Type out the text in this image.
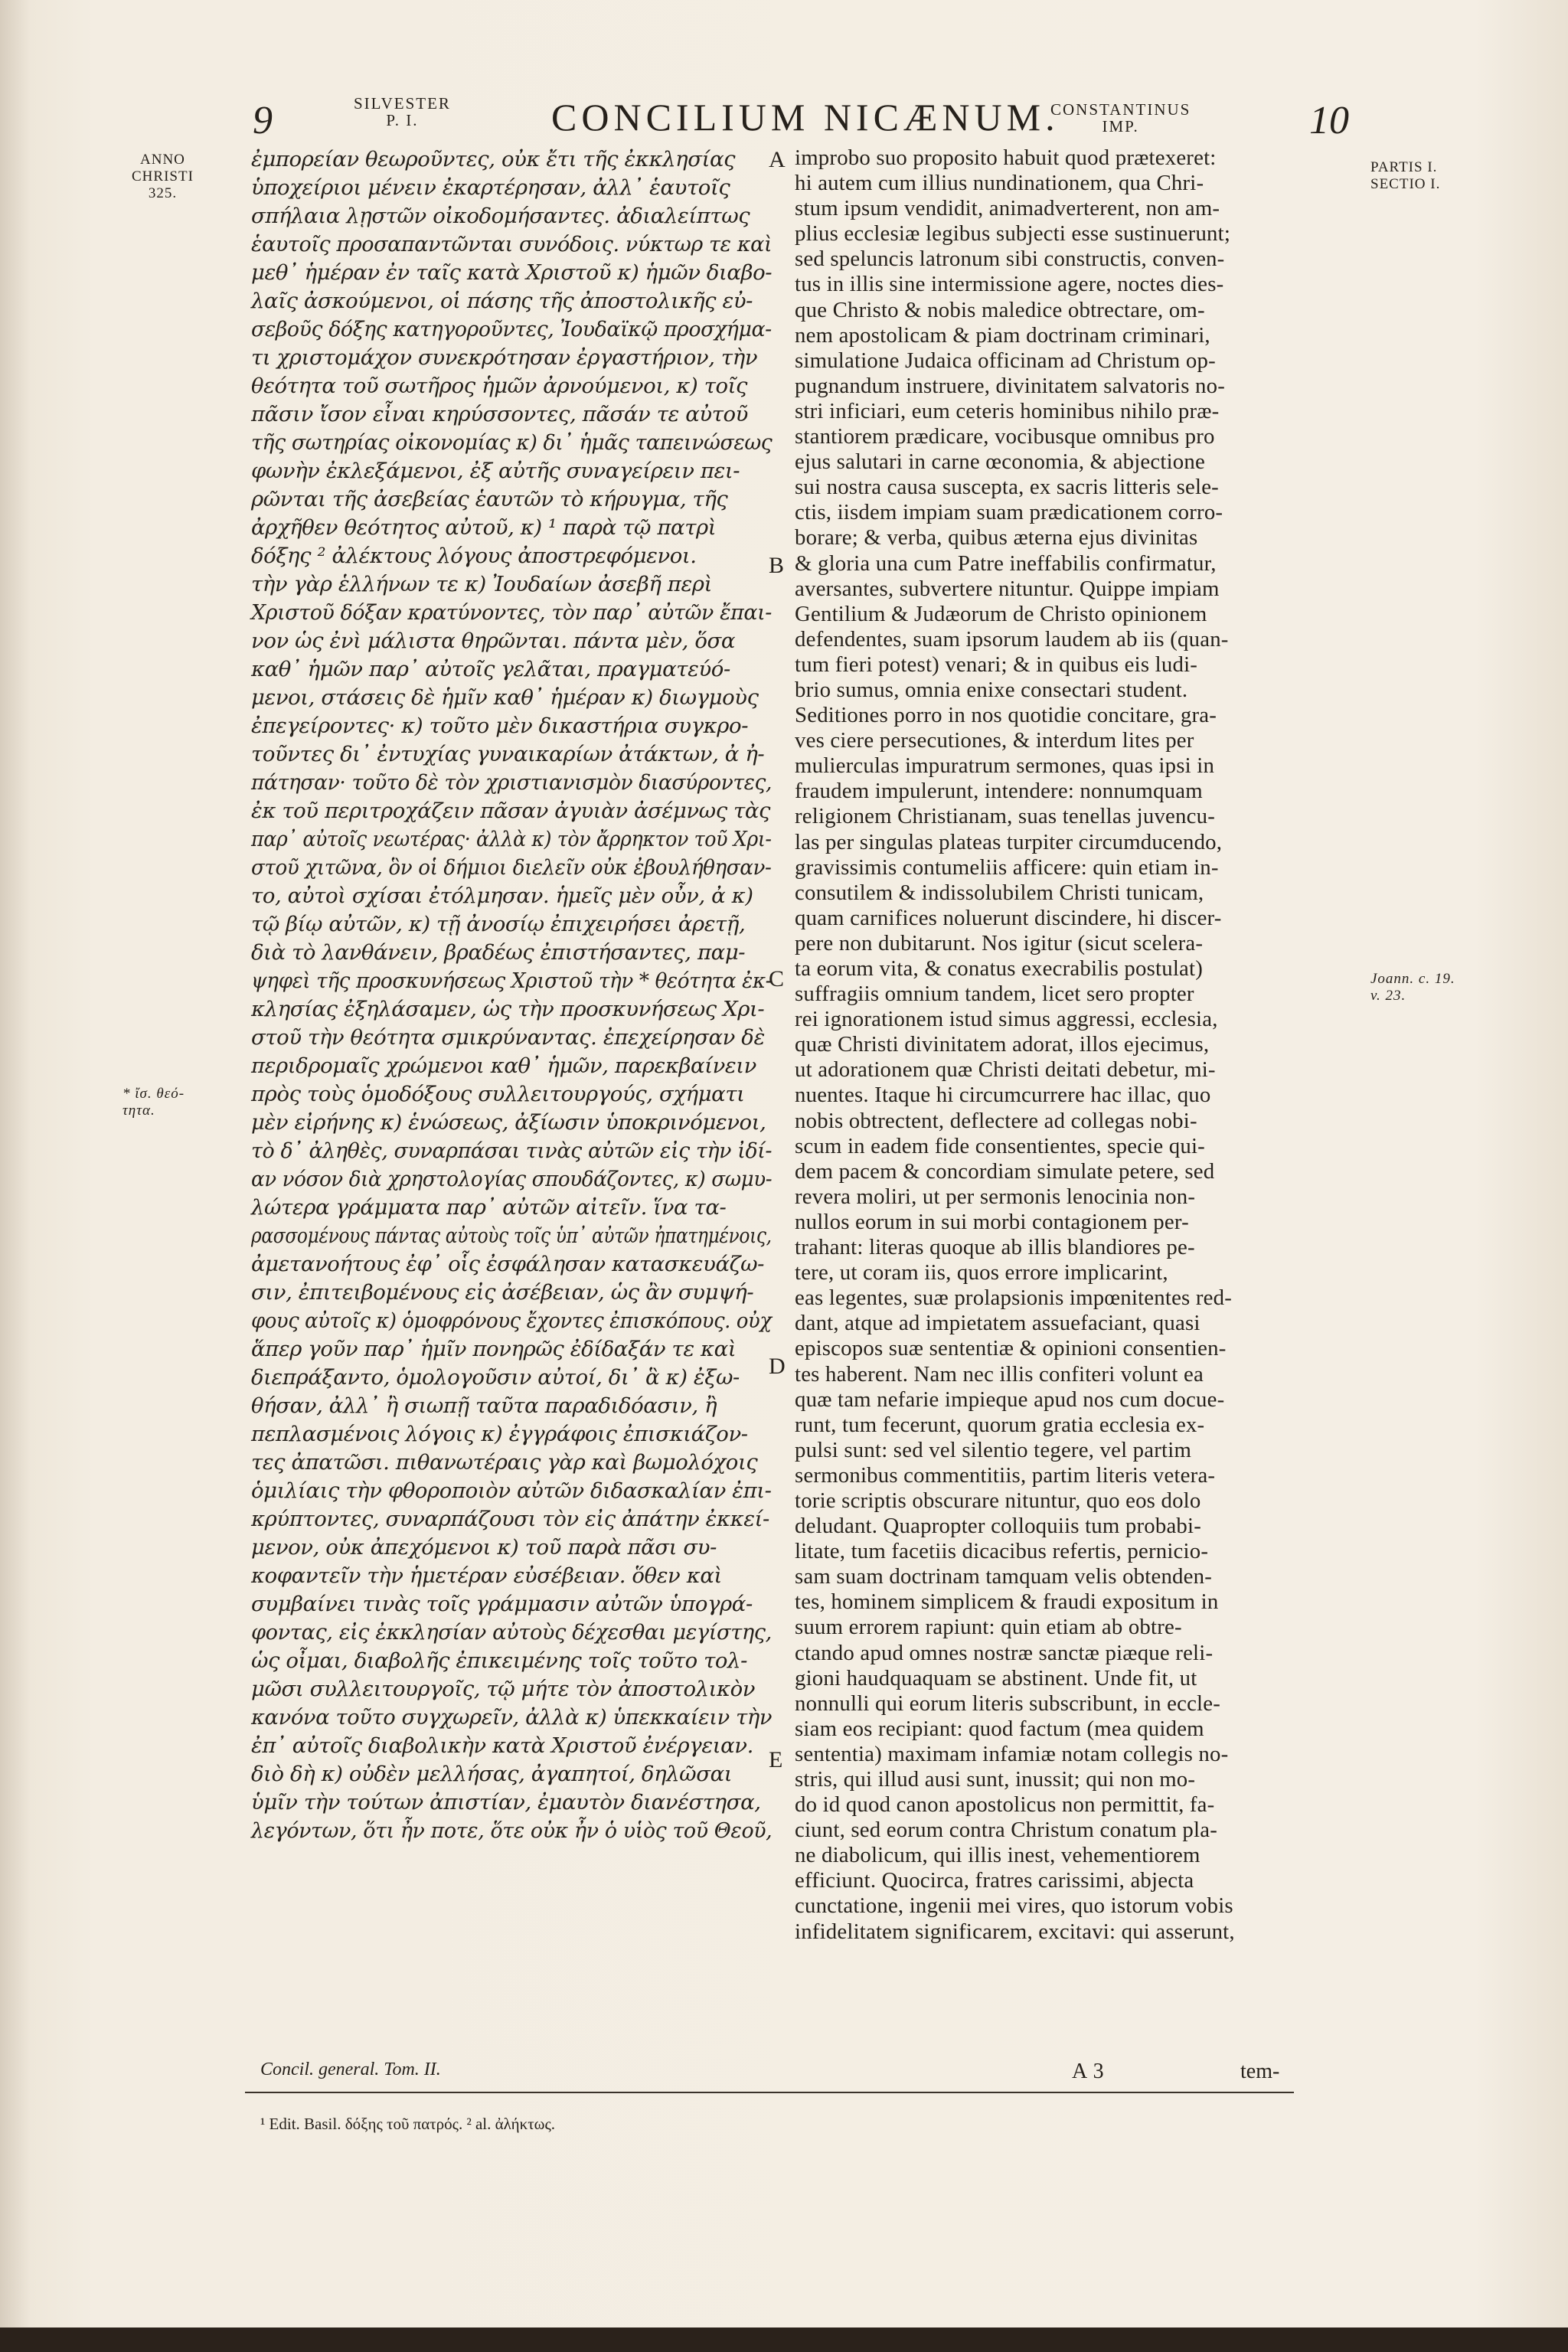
9	SILVESTER
P. I.	CONCILIUM NICÆNUM.
CONSTANTINUS
IMP.	10
ANNO
CHRISTI
325.
PARTIS I.
SECTIO I.
* ἴσ. θεό-
τητα.
Joann. c. 19.
v. 23.
A
B
C
D
E
ἐμπορείαν θεωροῦντες, οὐκ ἔτι τῆς ἐκκλησίας
ὑποχείριοι μένειν ἐκαρτέρησαν, ἀλλ᾽ ἑαυτοῖς
σπήλαια λῃστῶν οἰκοδομήσαντες. ἀδιαλείπτως
ἑαυτοῖς προσαπαντῶνται συνόδοις. νύκτωρ τε καὶ
μεθ᾽ ἡμέραν ἐν ταῖς κατὰ Χριστοῦ κ) ἡμῶν διαβο-
λαῖς ἀσκούμενοι, οἱ πάσης τῆς ἀποστολικῆς εὐ-
σεβοῦς δόξης κατηγοροῦντες, Ἰουδαϊκῷ προσχήμα-
τι χριστομάχον συνεκρότησαν ἐργαστήριον, τὴν
θεότητα τοῦ σωτῆρος ἡμῶν ἀρνούμενοι, κ) τοῖς
πᾶσιν ἴσον εἶναι κηρύσσοντες, πᾶσάν τε αὐτοῦ
τῆς σωτηρίας οἰκονομίας κ) δι᾽ ἡμᾶς ταπεινώσεως
φωνὴν ἐκλεξάμενοι, ἐξ αὐτῆς συναγείρειν πει-
ρῶνται τῆς ἀσεβείας ἑαυτῶν τὸ κήρυγμα, τῆς
ἀρχῆθεν θεότητος αὐτοῦ, κ) ¹ παρὰ τῷ πατρὶ
δόξης ² ἀλέκτους λόγους ἀποστρεφόμενοι.
τὴν γὰρ ἑλλήνων τε κ) Ἰουδαίων ἀσεβῆ περὶ
Χριστοῦ δόξαν κρατύνοντες, τὸν παρ᾽ αὐτῶν ἔπαι-
νον ὡς ἐνὶ μάλιστα θηρῶνται. πάντα μὲν, ὅσα
καθ᾽ ἡμῶν παρ᾽ αὐτοῖς γελᾶται, πραγματεύό-
μενοι, στάσεις δὲ ἡμῖν καθ᾽ ἡμέραν κ) διωγμοὺς
ἐπεγείροντες· κ) τοῦτο μὲν δικαστήρια συγκρο-
τοῦντες δι᾽ ἐντυχίας γυναικαρίων ἀτάκτων, ἀ ἠ-
πάτησαν· τοῦτο δὲ τὸν χριστιανισμὸν διασύροντες,
ἐκ τοῦ περιτροχάζειν πᾶσαν ἀγυιὰν ἀσέμνως τὰς
παρ᾽ αὐτοῖς νεωτέρας· ἀλλὰ κ) τὸν ἄρρηκτον τοῦ Χρι-
στοῦ χιτῶνα, ὃν οἱ δήμιοι διελεῖν οὐκ ἐβουλήθησαν-
το, αὐτοὶ σχίσαι ἐτόλμησαν. ἡμεῖς μὲν οὖν, ἀ κ)
τῷ βίῳ αὐτῶν, κ) τῇ ἀνοσίῳ ἐπιχειρήσει ἀρετῇ,
διὰ τὸ λανθάνειν, βραδέως ἐπιστήσαντες, παμ-
ψηφεὶ τῆς προσκυνήσεως Χριστοῦ τὴν * θεότητα ἐκ-
κλησίας ἐξηλάσαμεν, ὡς τὴν προσκυνήσεως Χρι-
στοῦ τὴν θεότητα σμικρύναντας. ἐπεχείρησαν δὲ
περιδρομαῖς χρώμενοι καθ᾽ ἡμῶν, παρεκβαίνειν
πρὸς τοὺς ὁμοδόξους συλλειτουργούς, σχήματι
μὲν εἰρήνης κ) ἑνώσεως, ἀξίωσιν ὑποκρινόμενοι,
τὸ δ᾽ ἀληθὲς, συναρπάσαι τινὰς αὐτῶν εἰς τὴν ἰδί-
αν νόσον διὰ χρηστολογίας σπουδάζοντες, κ) σωμυ-
λώτερα γράμματα παρ᾽ αὐτῶν αἰτεῖν. ἵνα τα-
ρασσομένους πάντας αὐτοὺς τοῖς ὑπ᾽ αὐτῶν ἠπατημένοις,
ἀμετανοήτους ἐφ᾽ οἷς ἐσφάλησαν κατασκευάζω-
σιν, ἐπιτειβομένους εἰς ἀσέβειαν, ὡς ἂν συμψή-
φους αὐτοῖς κ) ὁμοφρόνους ἔχοντες ἐπισκόπους. οὐχ
ἅπερ γοῦν παρ᾽ ἡμῖν πονηρῶς ἐδίδαξάν τε καὶ
διεπράξαντο, ὁμολογοῦσιν αὐτοί, δι᾽ ἃ κ) ἐξω-
θήσαν, ἀλλ᾽ ἢ σιωπῇ ταῦτα παραδιδόασιν, ἢ
πεπλασμένοις λόγοις κ) ἐγγράφοις ἐπισκιάζον-
τες ἀπατῶσι. πιθανωτέραις γὰρ καὶ βωμολόχοις
ὁμιλίαις τὴν φθοροποιὸν αὐτῶν διδασκαλίαν ἐπι-
κρύπτοντες, συναρπάζουσι τὸν εἰς ἀπάτην ἐκκεί-
μενον, οὐκ ἀπεχόμενοι κ) τοῦ παρὰ πᾶσι συ-
κοφαντεῖν τὴν ἡμετέραν εὐσέβειαν. ὅθεν καὶ
συμβαίνει τινὰς τοῖς γράμμασιν αὐτῶν ὑπογρά-
φοντας, εἰς ἐκκλησίαν αὐτοὺς δέχεσθαι μεγίστης,
ὡς οἶμαι, διαβολῆς ἐπικειμένης τοῖς τοῦτο τολ-
μῶσι συλλειτουργοῖς, τῷ μήτε τὸν ἀποστολικὸν
κανόνα τοῦτο συγχωρεῖν, ἀλλὰ κ) ὑπεκκαίειν τὴν
ἐπ᾽ αὐτοῖς διαβολικὴν κατὰ Χριστοῦ ἐνέργειαν.
διὸ δὴ κ) οὐδὲν μελλήσας, ἀγαπητοί, δηλῶσαι
ὑμῖν τὴν τούτων ἀπιστίαν, ἐμαυτὸν διανέστησα,
λεγόντων, ὅτι ἦν ποτε, ὅτε οὐκ ἦν ὁ υἱὸς τοῦ Θεοῦ,
improbo suo proposito habuit quod prætexeret:
hi autem cum illius nundinationem, qua Chri-
stum ipsum vendidit, animadverterent, non am-
plius ecclesiæ legibus subjecti esse sustinuerunt;
sed speluncis latronum sibi constructis, conven-
tus in illis sine intermissione agere, noctes dies-
que Christo & nobis maledice obtrectare, om-
nem apostolicam & piam doctrinam criminari,
simulatione Judaica officinam ad Christum op-
pugnandum instruere, divinitatem salvatoris no-
stri inficiari, eum ceteris hominibus nihilo præ-
stantiorem prædicare, vocibusque omnibus pro
ejus salutari in carne œconomia, & abjectione
sui nostra causa suscepta, ex sacris litteris sele-
ctis, iisdem impiam suam prædicationem corro-
borare; & verba, quibus æterna ejus divinitas
& gloria una cum Patre ineffabilis confirmatur,
aversantes, subvertere nituntur. Quippe impiam
Gentilium & Judæorum de Christo opinionem
defendentes, suam ipsorum laudem ab iis (quan-
tum fieri potest) venari; & in quibus eis ludi-
brio sumus, omnia enixe consectari student.
Seditiones porro in nos quotidie concitare, gra-
ves ciere persecutiones, & interdum lites per
mulierculas impuratrum sermones, quas ipsi in
fraudem impulerunt, intendere: nonnumquam
religionem Christianam, suas tenellas juvencu-
las per singulas plateas turpiter circumducendo,
gravissimis contumeliis afficere: quin etiam in-
consutilem & indissolubilem Christi tunicam,
quam carnifices noluerunt discindere, hi discer-
pere non dubitarunt. Nos igitur (sicut scelera-
ta eorum vita, & conatus execrabilis postulat)
suffragiis omnium tandem, licet sero propter
rei ignorationem istud simus aggressi, ecclesia,
quæ Christi divinitatem adorat, illos ejecimus,
ut adorationem quæ Christi deitati debetur, mi-
nuentes. Itaque hi circumcurrere hac illac, quo
nobis obtrectent, deflectere ad collegas nobi-
scum in eadem fide consentientes, specie qui-
dem pacem & concordiam simulate petere, sed
revera moliri, ut per sermonis lenocinia non-
nullos eorum in sui morbi contagionem per-
trahant: literas quoque ab illis blandiores pe-
tere, ut coram iis, quos errore implicarint,
eas legentes, suæ prolapsionis impœnitentes red-
dant, atque ad impietatem assuefaciant, quasi
episcopos suæ sententiæ & opinioni consentien-
tes haberent. Nam nec illis confiteri volunt ea
quæ tam nefarie impieque apud nos cum docue-
runt, tum fecerunt, quorum gratia ecclesia ex-
pulsi sunt: sed vel silentio tegere, vel partim
sermonibus commentitiis, partim literis vetera-
torie scriptis obscurare nituntur, quo eos dolo
deludant. Quapropter colloquiis tum probabi-
litate, tum facetiis dicacibus refertis, pernicio-
sam suam doctrinam tamquam velis obtenden-
tes, hominem simplicem & fraudi expositum in
suum errorem rapiunt: quin etiam ab obtre-
ctando apud omnes nostræ sanctæ piæque reli-
gioni haudquaquam se abstinent. Unde fit, ut
nonnulli qui eorum literis subscribunt, in eccle-
siam eos recipiant: quod factum (mea quidem
sententia) maximam infamiæ notam collegis no-
stris, qui illud ausi sunt, inussit; qui non mo-
do id quod canon apostolicus non permittit, fa-
ciunt, sed eorum contra Christum conatum pla-
ne diabolicum, qui illis inest, vehementiorem
efficiunt. Quocirca, fratres carissimi, abjecta
cunctatione, ingenii mei vires, quo istorum vobis
infidelitatem significarem, excitavi: qui asserunt,
Concil. general. Tom. II.	A 3	tem-
¹ Edit. Basil. δόξης τοῦ πατρός. ² al. ἀλήκτως.
